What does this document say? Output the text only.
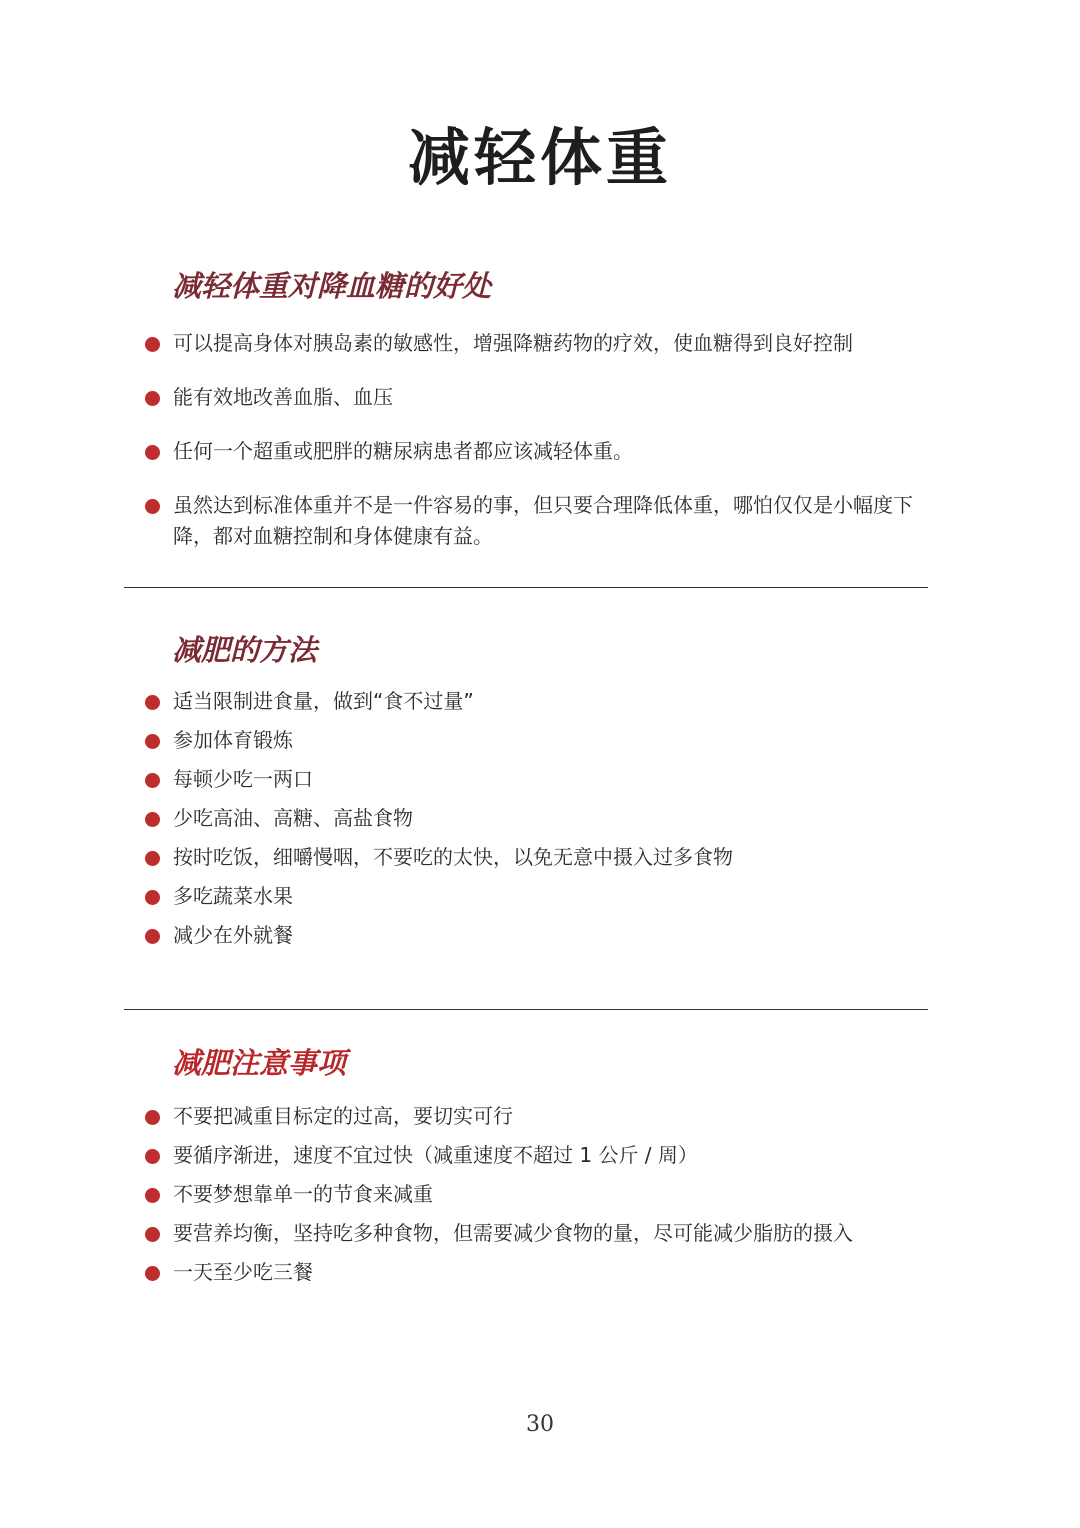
减轻体重
减轻体重对降血糖的好处
可以提高身体对胰岛素的敏感性，增强降糖药物的疗效，使血糖得到良好控制
能有效地改善血脂、血压
任何一个超重或肥胖的糖尿病患者都应该减轻体重。
虽然达到标准体重并不是一件容易的事，但只要合理降低体重，哪怕仅仅是小幅度下降，都对血糖控制和身体健康有益。
减肥的方法
适当限制进食量，做到“食不过量”
参加体育锻炼
每顿少吃一两口
少吃高油、高糖、高盐食物
按时吃饭，细嚼慢咽，不要吃的太快，以免无意中摄入过多食物
多吃蔬菜水果
减少在外就餐
减肥注意事项
不要把减重目标定的过高，要切实可行
要循序渐进，速度不宜过快（减重速度不超过 1 公斤 / 周）
不要梦想靠单一的节食来减重
要营养均衡，坚持吃多种食物，但需要减少食物的量，尽可能减少脂肪的摄入
一天至少吃三餐
30
